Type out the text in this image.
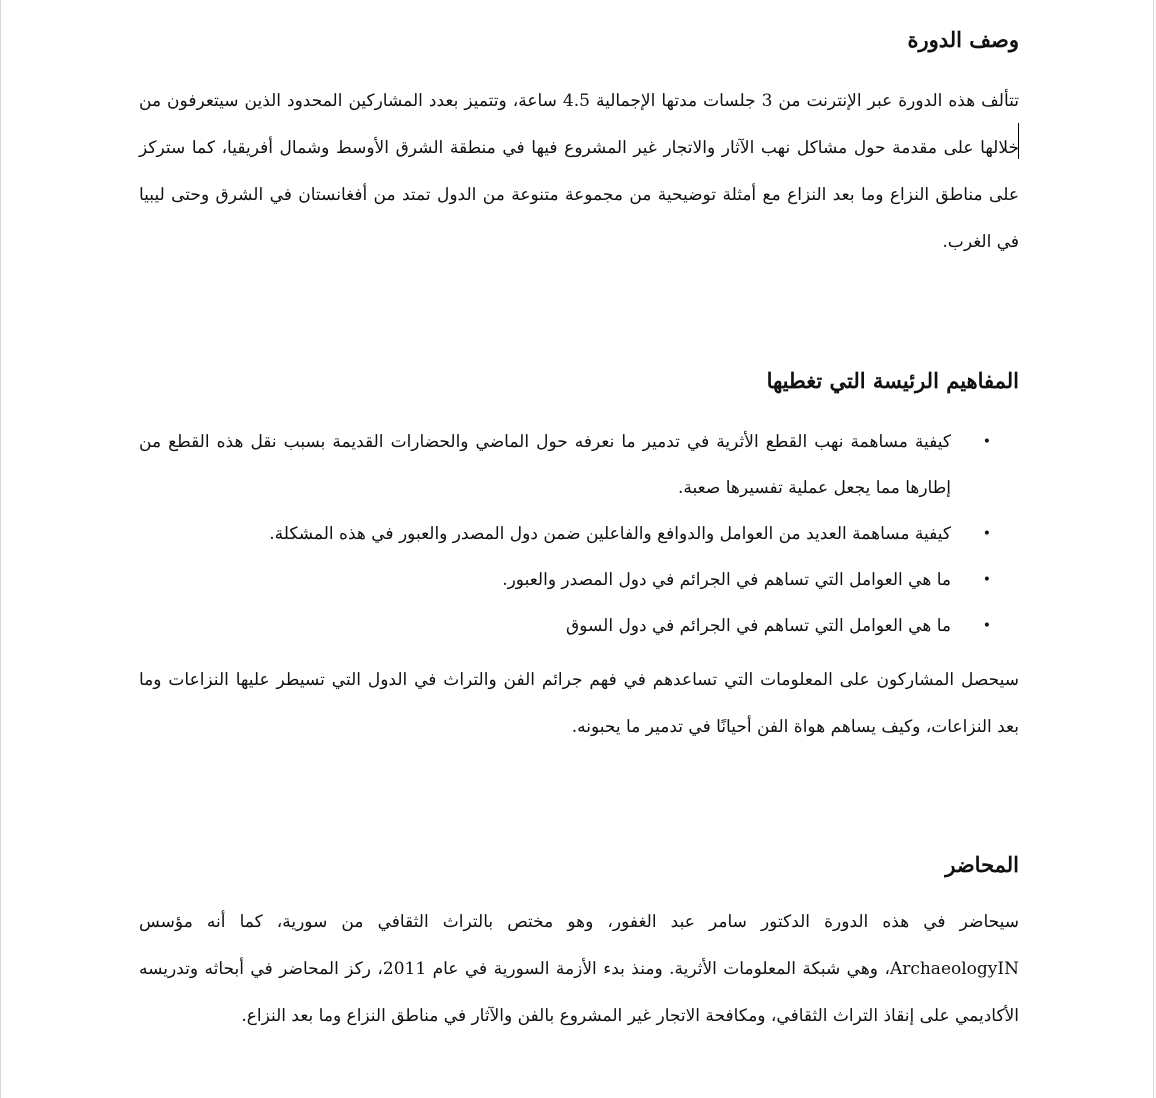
وصف الدورة

تتألف هذه الدورة عبر الإنترنت من 3 جلسات مدتها الإجمالية 4.5 ساعة، وتتميز بعدد المشاركين المحدود الذين سيتعرفون من خلالها على مقدمة حول مشاكل نهب الآثار والاتجار غير المشروع فيها في منطقة الشرق الأوسط وشمال أفريقيا، كما ستركز على مناطق النزاع وما بعد النزاع مع أمثلة توضيحية من مجموعة متنوعة من الدول تمتد من أفغانستان في الشرق وحتى ليبيا في الغرب.

المفاهيم الرئيسة التي تغطيها
•
كيفية مساهمة نهب القطع الأثرية في تدمير ما نعرفه حول الماضي والحضارات القديمة بسبب نقل هذه القطع من إطارها مما يجعل عملية تفسيرها صعبة.
•
كيفية مساهمة العديد من العوامل والدوافع والفاعلين ضمن دول المصدر والعبور في هذه المشكلة.
•
ما هي العوامل التي تساهم في الجرائم في دول المصدر والعبور.
•
ما هي العوامل التي تساهم في الجرائم في دول السوق

سيحصل المشاركون على المعلومات التي تساعدهم في فهم جرائم الفن والتراث في الدول التي تسيطر عليها النزاعات وما بعد النزاعات، وكيف يساهم هواة الفن أحيانًا في تدمير ما يحبونه.

المحاضر

سيحاضر في هذه الدورة الدكتور سامر عبد الغفور، وهو مختص بالتراث الثقافي من سورية، كما أنه مؤسس ArchaeologyIN، وهي شبكة المعلومات الأثرية. ومنذ بدء الأزمة السورية في عام 2011، ركز المحاضر في أبحاثه وتدريسه الأكاديمي على إنقاذ التراث الثقافي، ومكافحة الاتجار غير المشروع بالفن والآثار في مناطق النزاع وما بعد النزاع.
